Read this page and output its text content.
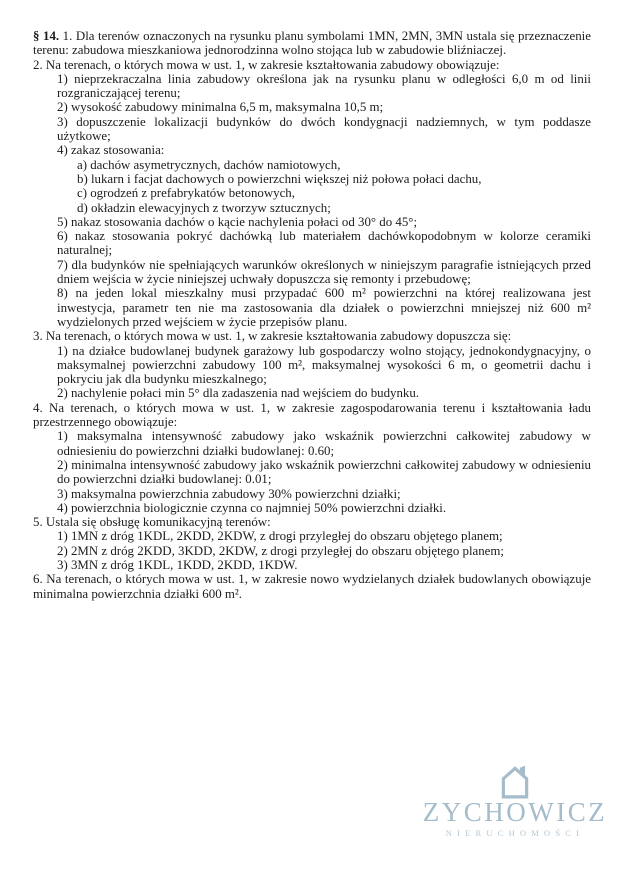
§ 14. 1. Dla terenów oznaczonych na rysunku planu symbolami 1MN, 2MN, 3MN ustala się przeznaczenie terenu: zabudowa mieszkaniowa jednorodzinna wolno stojąca lub w zabudowie bliźniaczej.

2. Na terenach, o których mowa w ust. 1, w zakresie kształtowania zabudowy obowiązuje:

1) nieprzekraczalna linia zabudowy określona jak na rysunku planu w odległości 6,0 m od linii rozgraniczającej terenu;

2) wysokość zabudowy minimalna 6,5 m, maksymalna 10,5 m;

3) dopuszczenie lokalizacji budynków do dwóch kondygnacji nadziemnych, w tym poddasze użytkowe;

4) zakaz stosowania:

a) dachów asymetrycznych, dachów namiotowych,

b) lukarn i facjat dachowych o powierzchni większej niż połowa połaci dachu,

c) ogrodzeń z prefabrykatów betonowych,

d) okładzin elewacyjnych z tworzyw sztucznych;

5) nakaz stosowania dachów o kącie nachylenia połaci od 30° do 45°;

6) nakaz stosowania pokryć dachówką lub materiałem dachówkopodobnym w kolorze ceramiki naturalnej;

7) dla budynków nie spełniających warunków określonych w niniejszym paragrafie istniejących przed dniem wejścia w życie niniejszej uchwały dopuszcza się remonty i przebudowę;

8) na jeden lokal mieszkalny musi przypadać 600 m² powierzchni na której realizowana jest inwestycja, parametr ten nie ma zastosowania dla działek o powierzchni mniejszej niż 600 m² wydzielonych przed wejściem w życie przepisów planu.

3. Na terenach, o których mowa w ust. 1, w zakresie kształtowania zabudowy dopuszcza się:

1) na działce budowlanej budynek garażowy lub gospodarczy wolno stojący, jednokondygnacyjny, o maksymalnej powierzchni zabudowy 100 m², maksymalnej wysokości 6 m, o geometrii dachu i pokryciu jak dla budynku mieszkalnego;

2) nachylenie połaci min 5° dla zadaszenia nad wejściem do budynku.

4. Na terenach, o których mowa w ust. 1, w zakresie zagospodarowania terenu i kształtowania ładu przestrzennego obowiązuje:

1) maksymalna intensywność zabudowy jako wskaźnik powierzchni całkowitej zabudowy w odniesieniu do powierzchni działki budowlanej: 0.60;

2) minimalna intensywność zabudowy jako wskaźnik powierzchni całkowitej zabudowy w odniesieniu do powierzchni działki budowlanej: 0.01;

3) maksymalna powierzchnia zabudowy 30% powierzchni działki;

4) powierzchnia biologicznie czynna co najmniej 50% powierzchni działki.

5. Ustala się obsługę komunikacyjną terenów:

1) 1MN z dróg 1KDL, 2KDD, 2KDW, z drogi przyległej do obszaru objętego planem;

2) 2MN z dróg 2KDD, 3KDD, 2KDW, z drogi przyległej do obszaru objętego planem;

3) 3MN z dróg 1KDL, 1KDD, 2KDD, 1KDW.

6. Na terenach, o których mowa w ust. 1, w zakresie nowo wydzielanych działek budowlanych obowiązuje minimalna powierzchnia działki 600 m².

ZYCHOWICZ
NIERUCHOMOŚCI
